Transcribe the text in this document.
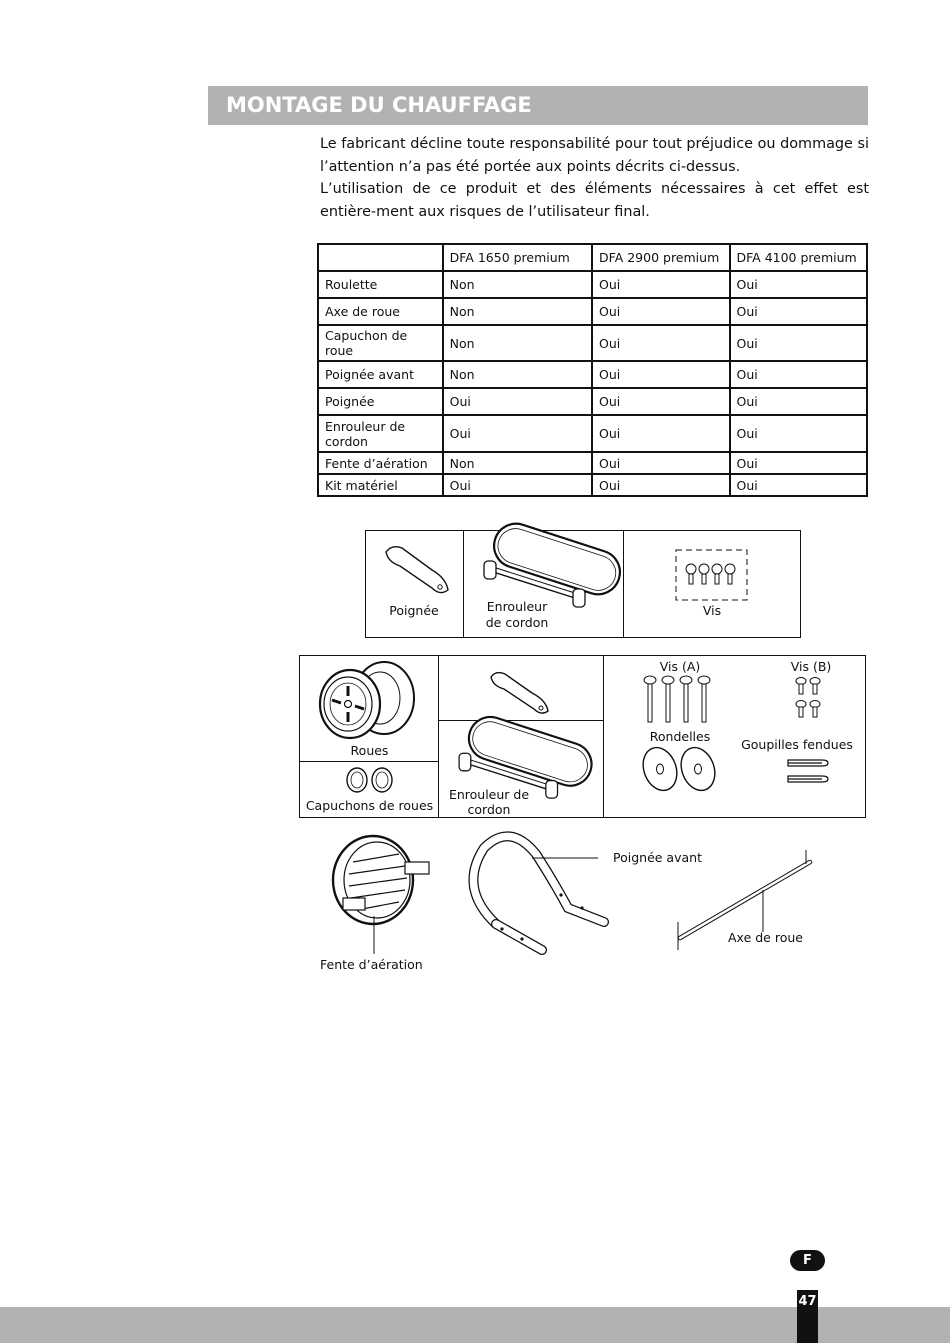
MONTAGE DU CHAUFFAGE

Le fabricant décline toute responsabilité pour tout préjudice ou dommage si l’attention n’a pas été portée aux points décrits ci-dessus.

L’utilisation de ce produit et des éléments nécessaires à cet effet est entière-ment aux risques de l’utilisateur final.

	DFA 1650 premium	DFA 2900 premium	DFA 4100 premium
Roulette	Non	Oui	Oui
Axe de roue	Non	Oui	Oui
Capuchon de roue	Non	Oui	Oui
Poignée avant	Non	Oui	Oui
Poignée	Oui	Oui	Oui
Enrouleur de cordon	Oui	Oui	Oui
Fente d’aération	Non	Oui	Oui
Kit matériel	Oui	Oui	Oui
Poignée	Enrouleur
de cordon
Vis
Roues
Capuchons de roues
Enrouleur de
cordon
Vis (A)	Vis (B)
Rondelles
Goupilles fendues
Fente d’aération
Poignée avant
Axe de roue
F
47
